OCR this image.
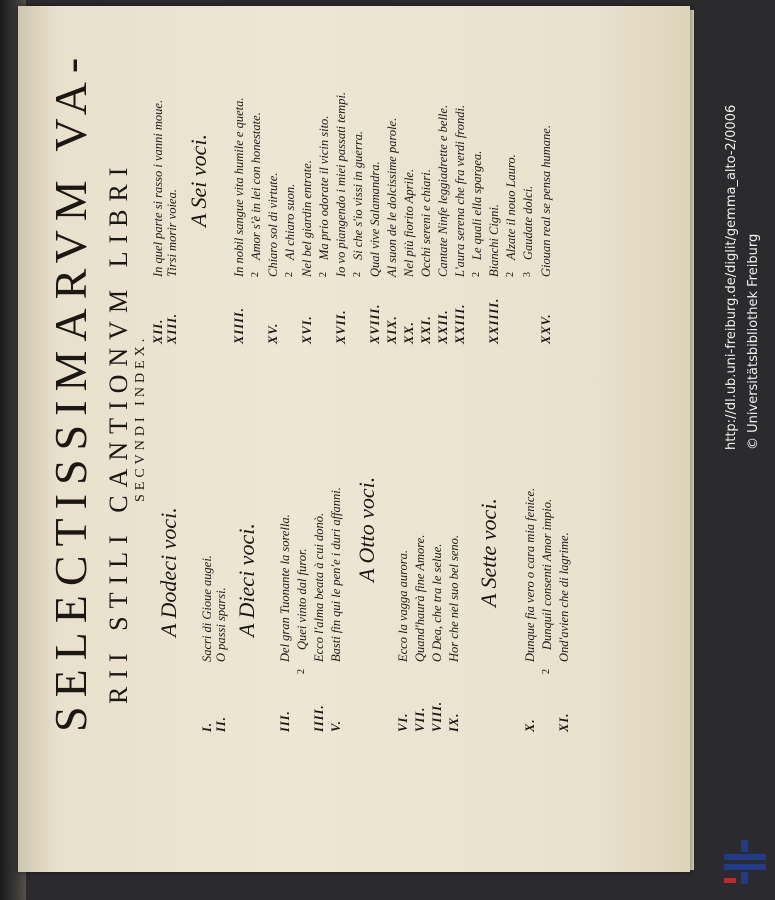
SELECTISSIMARVM VA- RII STILI CANTIONVM LIBRI SECVNDI INDEX.
A Dodeci voci.
I.
Sacri di Gioue augei.
II.
O passi sparsi. A Dieci voci.
III.
Del gran Tuonante la sorella.
2
Quei vinto dal furor.
IIII.
Ecco l'alma beata à cui donò.
V.
Basti fin qui le pen'e i duri affanni. A Otto voci.
VI.
Ecco la vagga aurora.
VII.
Quand'haurà fine Amore.
VIII.
O Dea, che tra le selue.
IX.
Hor che nel suo bel seno. A Sette voci.
X.
Dunque fia vero o cara mia fenice.
2
Dunquil consenti Amor impio.
XI.
Ond'avien che di lagrime.
XII.
In quel parte si rasso i vanni moue.
XIII.
Tirsi morir voiea.
A Sei voci.
XIIII.
In nobil sangue vita humile e queta. 2
Amor s'è in lei con honestate.
XV.
Chiaro sol di virtute. 2
Al chiaro suon.
XVI.
Nel bel giardin entrate. 2
Ma prio odorate il vicin sito.
XVII.
Io vo piangendo i miei passati tempi. 2
Si che s'io vissi in guerra.
XVIII.
Qual vive Salamandra.
XIX.
Al suon de le dolcissime parole.
XX.
Nel più fiorito Aprile.
XXI.
Occhi sereni e chiari.
XXII.
Cantate Ninfe leggiadrette e belle.
XXIII.
L'aura serena che fra verdi frondi. 2
Le quali ella spargea.
XXIIII.
Bianchi Cigni. 2
Alzate il nouo Lauro.
3
Gaudate dolci.
XXV.
Giouan real se pensa humane.	http://dl.ub.uni-freiburg.de/diglit/gemma_alto-2/0006 © Universitätsbibliothek Freiburg
